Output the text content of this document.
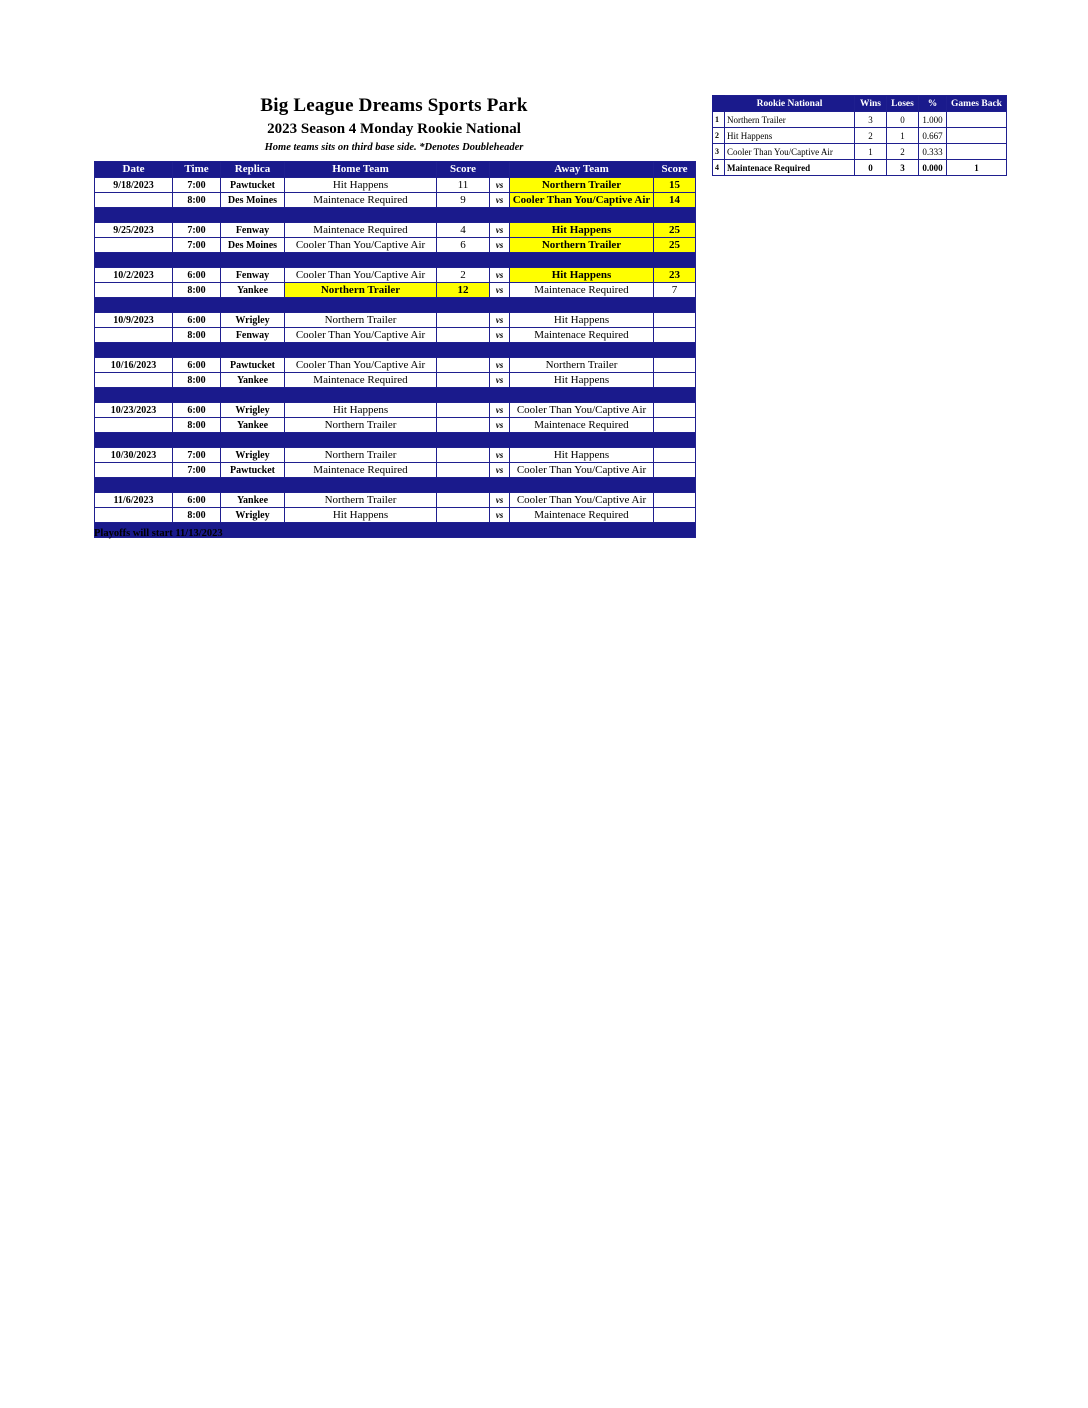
Big League Dreams Sports Park
2023 Season 4 Monday Rookie National
Home teams sits on third base side. *Denotes Doubleheader
Date	Time	Replica	Home Team	Score		Away Team	Score
9/18/2023	7:00	Pawtucket	Hit Happens	11	vs	Northern Trailer	15
	8:00	Des Moines	Maintenace Required	9	vs	Cooler Than You/Captive Air	14

9/25/2023	7:00	Fenway	Maintenace Required	4	vs	Hit Happens	25
	7:00	Des Moines	Cooler Than You/Captive Air	6	vs	Northern Trailer	25

10/2/2023	6:00	Fenway	Cooler Than You/Captive Air	2	vs	Hit Happens	23
	8:00	Yankee	Northern Trailer	12	vs	Maintenace Required	7

10/9/2023	6:00	Wrigley	Northern Trailer		vs	Hit Happens	
	8:00	Fenway	Cooler Than You/Captive Air		vs	Maintenace Required	

10/16/2023	6:00	Pawtucket	Cooler Than You/Captive Air		vs	Northern Trailer	
	8:00	Yankee	Maintenace Required		vs	Hit Happens	

10/23/2023	6:00	Wrigley	Hit Happens		vs	Cooler Than You/Captive Air	
	8:00	Yankee	Northern Trailer		vs	Maintenace Required	

10/30/2023	7:00	Wrigley	Northern Trailer		vs	Hit Happens	
	7:00	Pawtucket	Maintenace Required		vs	Cooler Than You/Captive Air	

11/6/2023	6:00	Yankee	Northern Trailer		vs	Cooler Than You/Captive Air	
	8:00	Wrigley	Hit Happens		vs	Maintenace Required	

Playoffs will start 11/13/2023
	Rookie National	Wins	Loses	%	Games Back
1	Northern Trailer	3	0	1.000	
2	Hit Happens	2	1	0.667	
3	Cooler Than You/Captive Air	1	2	0.333	
4	Maintenace Required	0	3	0.000	1
